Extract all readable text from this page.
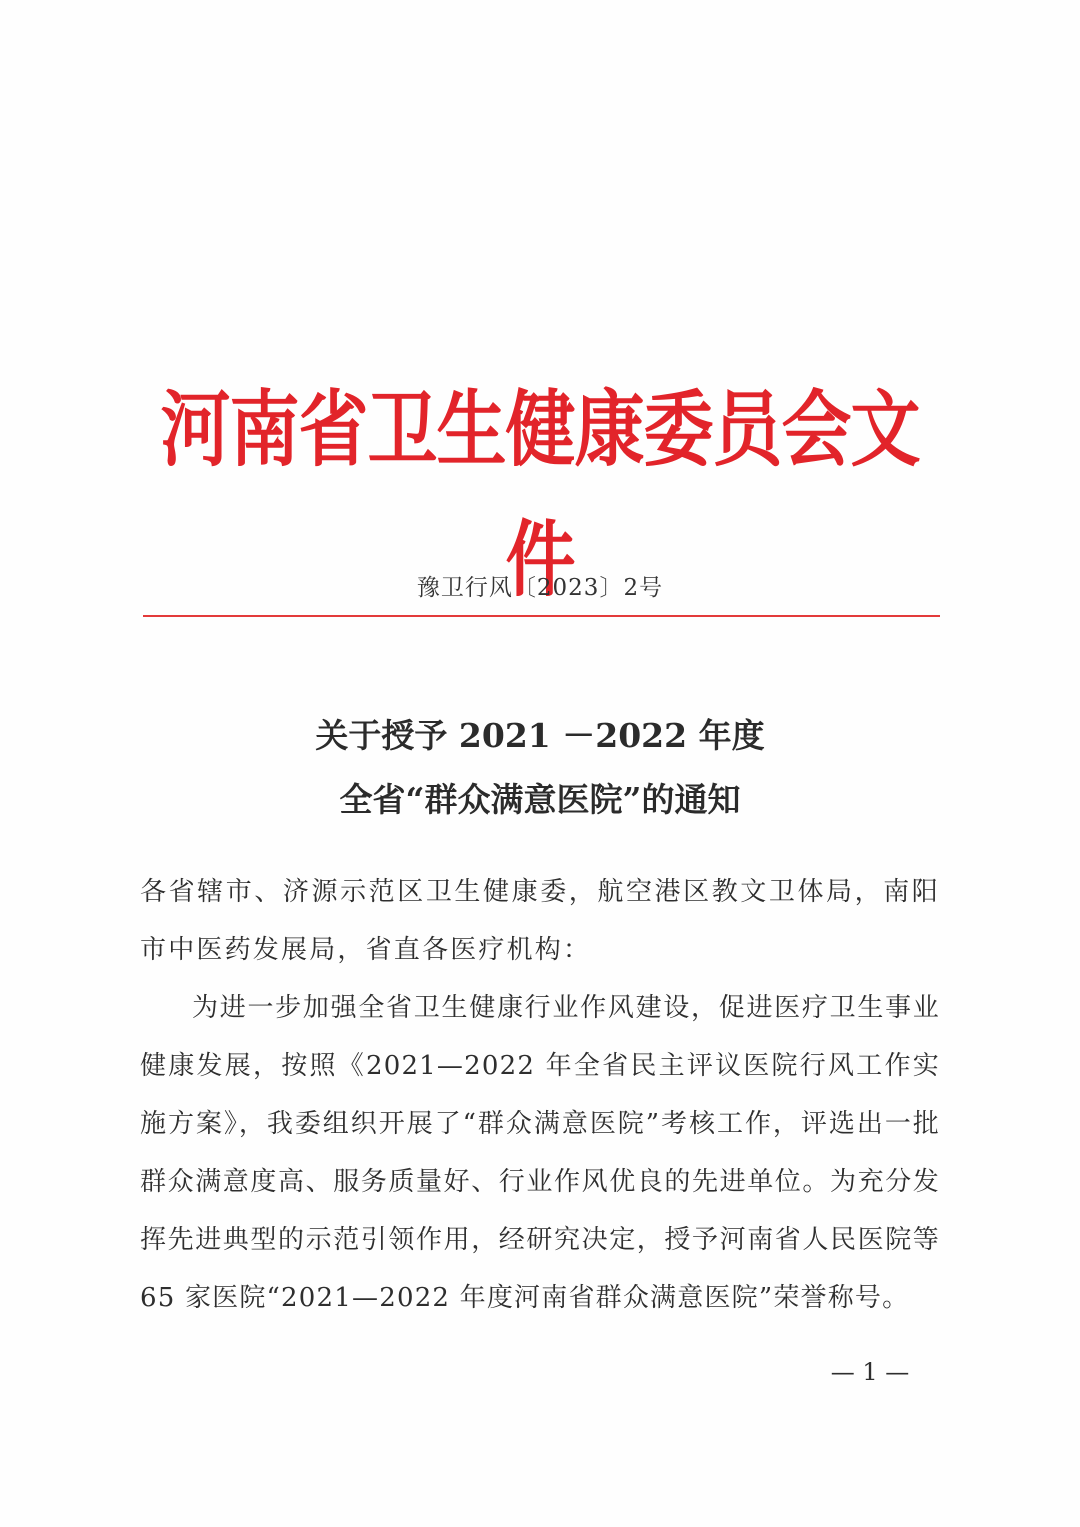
河南省卫生健康委员会文件
豫卫行风〔2023〕2号
关于授予 2021 －2022 年度
全省“群众满意医院”的通知

各省辖市、济源示范区卫生健康委，航空港区教文卫体局，南阳市中医药发展局，省直各医疗机构：

为进一步加强全省卫生健康行业作风建设，促进医疗卫生事业健康发展，按照《2021—2022 年全省民主评议医院行风工作实施方案》，我委组织开展了“群众满意医院”考核工作，评选出一批群众满意度高、服务质量好、行业作风优良的先进单位。为充分发挥先进典型的示范引领作用，经研究决定，授予河南省人民医院等 65 家医院“2021—2022 年度河南省群众满意医院”荣誉称号。

— 1 —
